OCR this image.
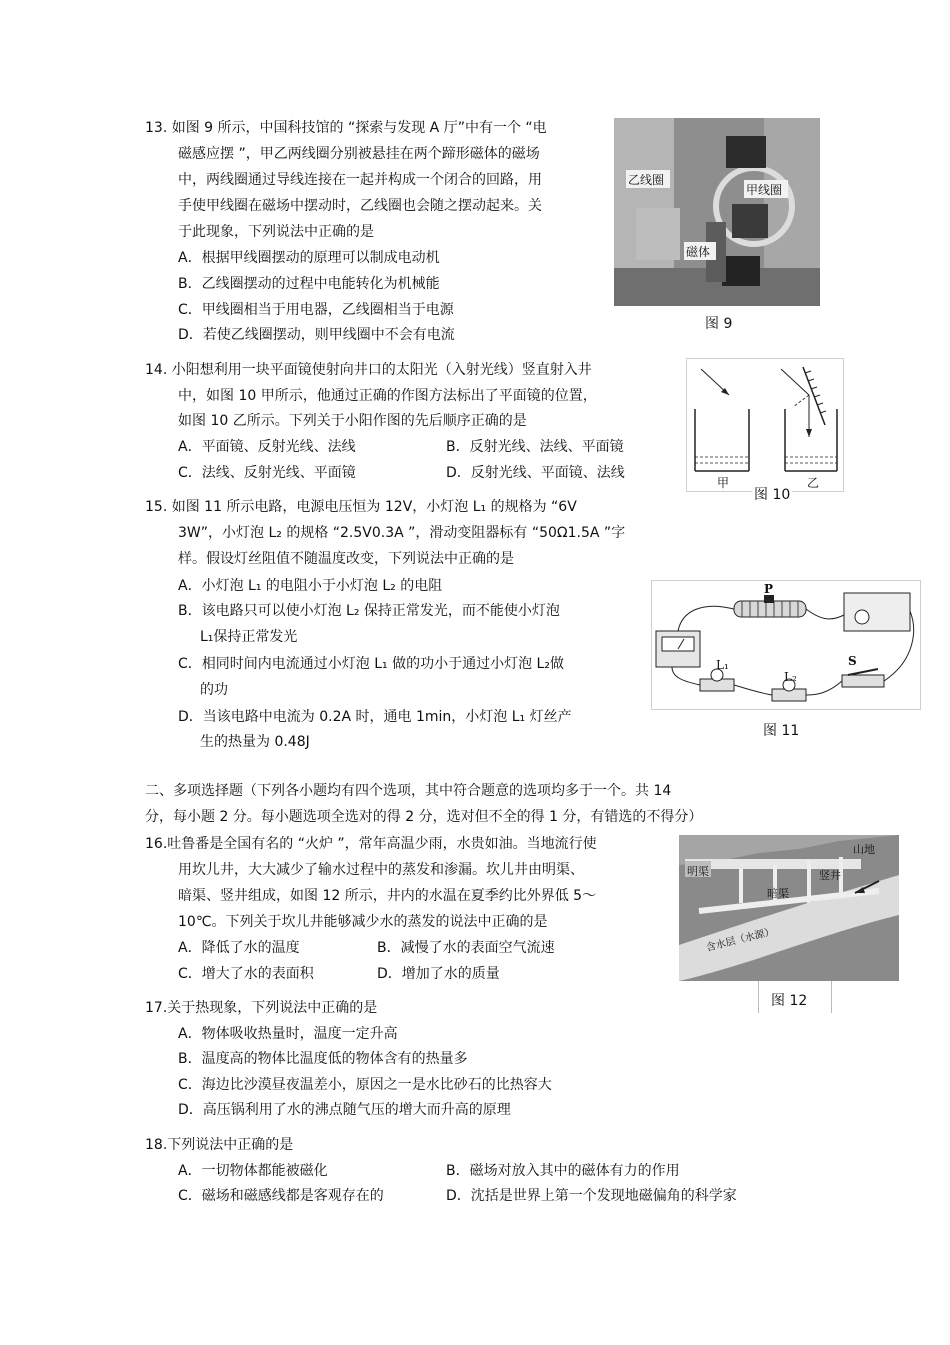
13. 如图 9 所示，中国科技馆的 “探索与发现 A 厅”中有一个 “电
磁感应摆 ”，甲乙两线圈分别被悬挂在两个蹄形磁体的磁场
中，两线圈通过导线连接在一起并构成一个闭合的回路，用
手使甲线圈在磁场中摆动时，乙线圈也会随之摆动起来。关
于此现象，下列说法中正确的是
A．根据甲线圈摆动的原理可以制成电动机
B．乙线圈摆动的过程中电能转化为机械能
C．甲线圈相当于用电器，乙线圈相当于电源
D．若使乙线圈摆动，则甲线圈中不会有电流
乙线圈
甲线圈
磁体
图 9
14. 小阳想利用一块平面镜使射向井口的太阳光（入射光线）竖直射入井
中，如图 10 甲所示，他通过正确的作图方法标出了平面镜的位置，
如图 10 乙所示。下列关于小阳作图的先后顺序正确的是
A．平面镜、反射光线、法线	B．反射光线、法线、平面镜
C．法线、反射光线、平面镜	D．反射光线、平面镜、法线
甲	乙
图 10
15. 如图 11 所示电路，电源电压恒为 12V，小灯泡 L₁ 的规格为 “6V
3W”，小灯泡 L₂ 的规格 “2.5V0.3A ”，滑动变阻器标有 “50Ω1.5A ”字
样。假设灯丝阻值不随温度改变，下列说法中正确的是
A．小灯泡 L₁ 的电阻小于小灯泡 L₂ 的电阻
B．该电路只可以使小灯泡 L₂ 保持正常发光，而不能使小灯泡
L₁保持正常发光
C．相同时间内电流通过小灯泡 L₁ 做的功小于通过小灯泡 L₂做
的功
D．当该电路中电流为 0.2A 时，通电 1min，小灯泡 L₁ 灯丝产
生的热量为 0.48J
P
L₁
L₂
S
图 11
二、多项选择题（下列各小题均有四个选项，其中符合题意的选项均多于一个。共 14
分，每小题 2 分。每小题选项全选对的得 2 分，选对但不全的得 1 分，有错选的不得分）
16.吐鲁番是全国有名的 “火炉 ”，常年高温少雨，水贵如油。当地流行使
用坎儿井，大大减少了输水过程中的蒸发和渗漏。坎儿井由明渠、
暗渠、竖井组成，如图 12 所示，井内的水温在夏季约比外界低 5～
10℃。下列关于坎儿井能够减少水的蒸发的说法中正确的是
A．降低了水的温度	B．减慢了水的表面空气流速
C．增大了水的表面积	D．增加了水的质量
山地
明渠	竖井
暗渠
含水层（水源）
图 12
17.关于热现象，下列说法中正确的是
A．物体吸收热量时，温度一定升高
B．温度高的物体比温度低的物体含有的热量多
C．海边比沙漠昼夜温差小，原因之一是水比砂石的比热容大
D．高压锅利用了水的沸点随气压的增大而升高的原理
18.下列说法中正确的是
A．一切物体都能被磁化	B．磁场对放入其中的磁体有力的作用
C．磁场和磁感线都是客观存在的	D．沈括是世界上第一个发现地磁偏角的科学家
